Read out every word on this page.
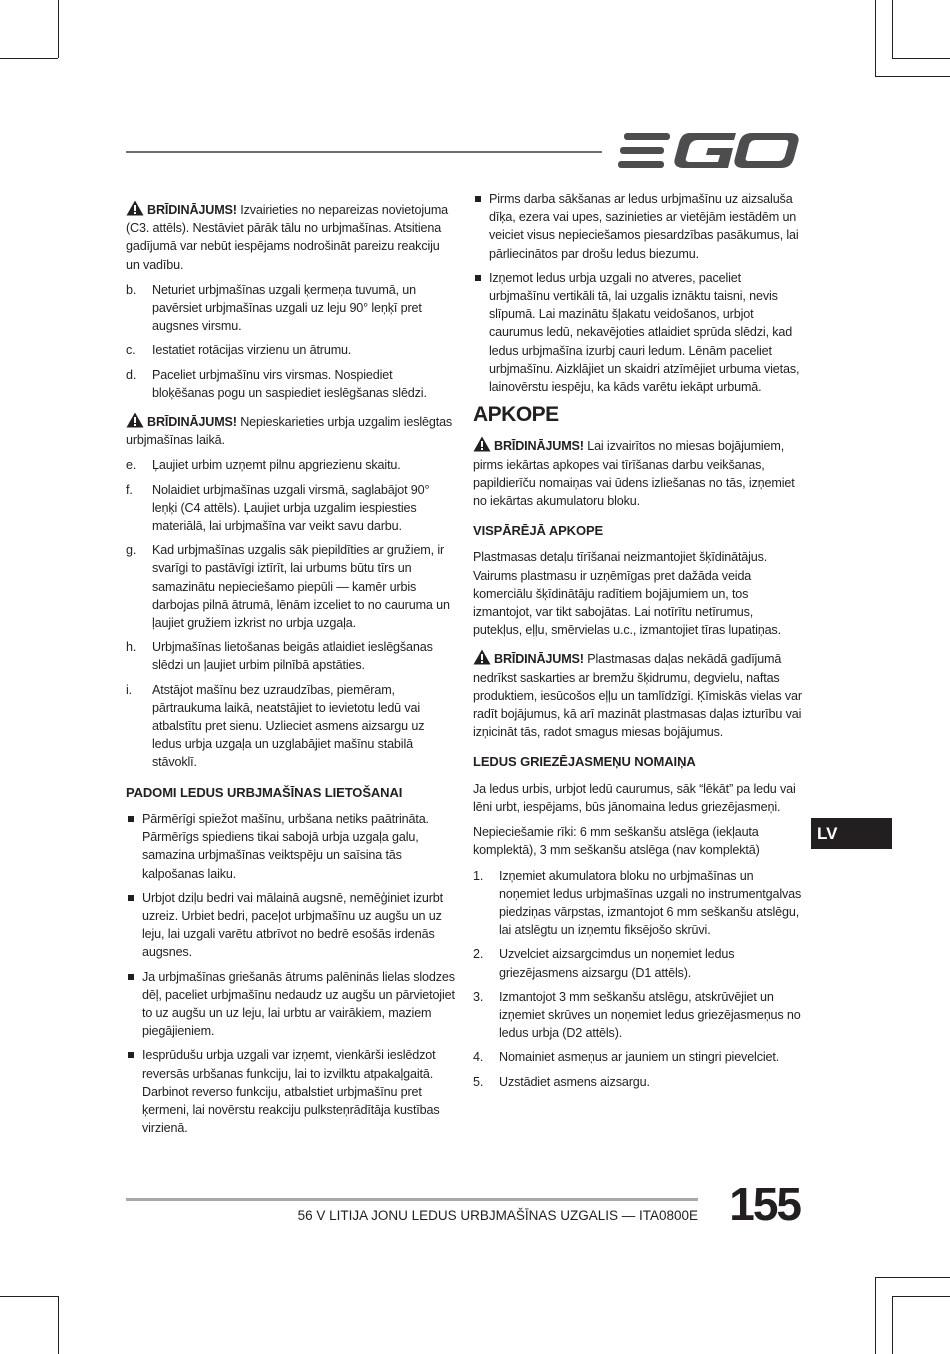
BRĪDINĀJUMS! Izvairieties no nepareizas novietojuma (C3. attēls). Nestāviet pārāk tālu no urbjmašīnas. Atsitiena gadījumā var nebūt iespējams nodrošināt pareizu reakciju un vadību.

b. Neturiet urbjmašīnas uzgali ķermeņa tuvumā, un pavērsiet urbjmašīnas uzgali uz leju 90° leņķī pret augsnes virsmu.
c. Iestatiet rotācijas virzienu un ātrumu.
d. Paceliet urbjmašīnu virs virsmas. Nospiediet bloķēšanas pogu un saspiediet ieslēgšanas slēdzi.

BRĪDINĀJUMS! Nepieskarieties urbja uzgalim ieslēgtas urbjmašīnas laikā.

e. Ļaujiet urbim uzņemt pilnu apgriezienu skaitu.
f. Nolaidiet urbjmašīnas uzgali virsmā, saglabājot 90° leņķi (C4 attēls). Ļaujiet urbja uzgalim iespiesties materiālā, lai urbjmašīna var veikt savu darbu.
g. Kad urbjmašīnas uzgalis sāk piepildīties ar gružiem, ir svarīgi to pastāvīgi iztīrīt, lai urbums būtu tīrs un samazinātu nepieciešamo piepūli — kamēr urbis darbojas pilnā ātrumā, lēnām izceliet to no cauruma un ļaujiet gružiem izkrist no urbja uzgaļa.
h. Urbjmašīnas lietošanas beigās atlaidiet ieslēgšanas slēdzi un ļaujiet urbim pilnībā apstāties.
i. Atstājot mašīnu bez uzraudzības, piemēram, pārtraukuma laikā, neatstājiet to ievietotu ledū vai atbalstītu pret sienu. Uzlieciet asmens aizsargu uz ledus urbja uzgaļa un uzglabājiet mašīnu stabilā stāvoklī.
PADOMI LEDUS URBJMAŠĪNAS LIETOŠANAI
Pārmērīgi spiežot mašīnu, urbšana netiks paātrināta. Pārmērīgs spiediens tikai sabojā urbja uzgaļa galu, samazina urbjmašīnas veiktspēju un saīsina tās kalpošanas laiku.
Urbjot dziļu bedri vai mālainā augsnē, nemēģiniet izurbt uzreiz. Urbiet bedri, paceļot urbjmašīnu uz augšu un uz leju, lai uzgali varētu atbrīvot no bedrē esošās irdenās augsnes.
Ja urbjmašīnas griešanās ātrums palēninās lielas slodzes dēļ, paceliet urbjmašīnu nedaudz uz augšu un pārvietojiet to uz augšu un uz leju, lai urbtu ar vairākiem, maziem piegājieniem.
Iesprūdušu urbja uzgali var izņemt, vienkārši ieslēdzot reversās urbšanas funkciju, lai to izvilktu atpakaļgaitā. Darbinot reverso funkciju, atbalstiet urbjmašīnu pret ķermeni, lai novērstu reakciju pulksteņrādītāja kustības virzienā.
Pirms darba sākšanas ar ledus urbjmašīnu uz aizsaluša dīķa, ezera vai upes, sazinieties ar vietējām iestādēm un veiciet visus nepieciešamos piesardzības pasākumus, lai pārliecinātos par drošu ledus biezumu.
Izņemot ledus urbja uzgali no atveres, paceliet urbjmašīnu vertikāli tā, lai uzgalis iznāktu taisni, nevis slīpumā. Lai mazinātu šļakatu veidošanos, urbjot caurumus ledū, nekavējoties atlaidiet sprūda slēdzi, kad ledus urbjmašīna izurbj cauri ledum. Lēnām paceliet urbjmašīnu. Aizklājiet un skaidri atzīmējiet urbuma vietas, lainovērstu iespēju, ka kāds varētu iekāpt urbumā.
APKOPE

BRĪDINĀJUMS! Lai izvairītos no miesas bojājumiem, pirms iekārtas apkopes vai tīrīšanas darbu veikšanas, papildierīču nomaiņas vai ūdens izliešanas no tās, izņemiet no iekārtas akumulatoru bloku.

VISPĀRĒJĀ APKOPE

Plastmasas detaļu tīrīšanai neizmantojiet šķīdinātājus. Vairums plastmasu ir uzņēmīgas pret dažāda veida komerciālu šķīdinātāju radītiem bojājumiem un, tos izmantojot, var tikt sabojātas. Lai notīrītu netīrumus, putekļus, eļļu, smērvielas u.c., izmantojiet tīras lupatiņas.

BRĪDINĀJUMS! Plastmasas daļas nekādā gadījumā nedrīkst saskarties ar bremžu šķidrumu, degvielu, naftas produktiem, iesūcošos eļļu un tamlīdzīgi. Ķīmiskās vielas var radīt bojājumus, kā arī mazināt plastmasas daļas izturību vai izņicināt tās, radot smagus miesas bojājumus.

LEDUS GRIEZĒJASMEŅU NOMAIŅA

Ja ledus urbis, urbjot ledū caurumus, sāk “lēkāt” pa ledu vai lēni urbt, iespējams, būs jānomaina ledus griezējasmeņi.

Nepieciešamie rīki: 6 mm seškanšu atslēga (iekļauta komplektā), 3 mm seškanšu atslēga (nav komplektā)

1. Izņemiet akumulatora bloku no urbjmašīnas un noņemiet ledus urbjmašīnas uzgali no instrumentgalvas piedziņas vārpstas, izmantojot 6 mm seškanšu atslēgu, lai atslēgtu un izņemtu fiksējošo skrūvi.
2. Uzvelciet aizsargcimdus un noņemiet ledus griezējasmens aizsargu (D1 attēls).
3. Izmantojot 3 mm seškanšu atslēgu, atskrūvējiet un izņemiet skrūves un noņemiet ledus griezējasmeņus no ledus urbja (D2 attēls).
4. Nomainiet asmeņus ar jauniem un stingri pievelciet.
5. Uzstādiet asmens aizsargu.
LV
56 V LITIJA JONU LEDUS URBJMAŠĪNAS UZGALIS — ITA0800E 155
